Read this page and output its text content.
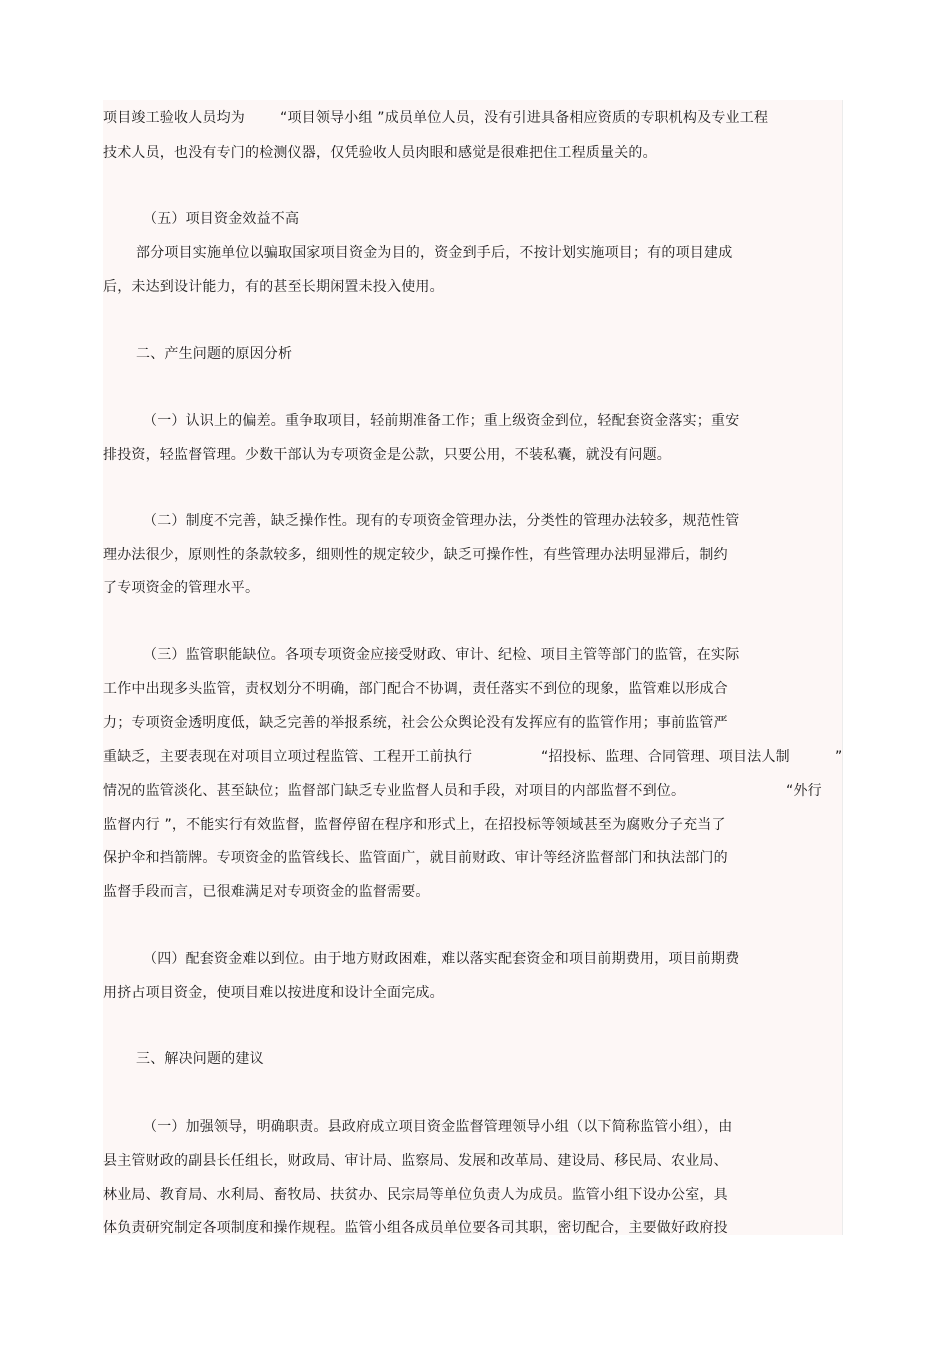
项目竣工验收人员均为	“项目领导小组 ”成员单位人员，没有引进具备相应资质的专职机构及专业工程
技术人员，也没有专门的检测仪器，仅凭验收人员肉眼和感觉是很难把住工程质量关的。
（五）项目资金效益不高
部分项目实施单位以骗取国家项目资金为目的，资金到手后，不按计划实施项目；有的项目建成
后，未达到设计能力，有的甚至长期闲置未投入使用。
二、产生问题的原因分析
（一）认识上的偏差。重争取项目，轻前期准备工作；重上级资金到位，轻配套资金落实；重安
排投资，轻监督管理。少数干部认为专项资金是公款，只要公用，不装私囊，就没有问题。
（二）制度不完善，缺乏操作性。现有的专项资金管理办法，分类性的管理办法较多，规范性管
理办法很少，原则性的条款较多，细则性的规定较少，缺乏可操作性，有些管理办法明显滞后，制约
了专项资金的管理水平。
（三）监管职能缺位。各项专项资金应接受财政、审计、纪检、项目主管等部门的监管，在实际
工作中出现多头监管，责权划分不明确，部门配合不协调，责任落实不到位的现象，监管难以形成合
力；专项资金透明度低，缺乏完善的举报系统，社会公众舆论没有发挥应有的监管作用；事前监管严
重缺乏，主要表现在对项目立项过程监管、工程开工前执行	“招投标、监理、合同管理、项目法人制	”
情况的监管淡化、甚至缺位；监督部门缺乏专业监督人员和手段，对项目的内部监督不到位。	“外行
监督内行 ”，不能实行有效监督，监督停留在程序和形式上，在招投标等领域甚至为腐败分子充当了
保护伞和挡箭牌。专项资金的监管线长、监管面广，就目前财政、审计等经济监督部门和执法部门的
监督手段而言，已很难满足对专项资金的监督需要。
（四）配套资金难以到位。由于地方财政困难，难以落实配套资金和项目前期费用，项目前期费
用挤占项目资金，使项目难以按进度和设计全面完成。
三、解决问题的建议
（一）加强领导，明确职责。县政府成立项目资金监督管理领导小组（以下简称监管小组），由
县主管财政的副县长任组长，财政局、审计局、监察局、发展和改革局、建设局、移民局、农业局、
林业局、教育局、水利局、畜牧局、扶贫办、民宗局等单位负责人为成员。监管小组下设办公室，具
体负责研究制定各项制度和操作规程。监管小组各成员单位要各司其职，密切配合，主要做好政府投
